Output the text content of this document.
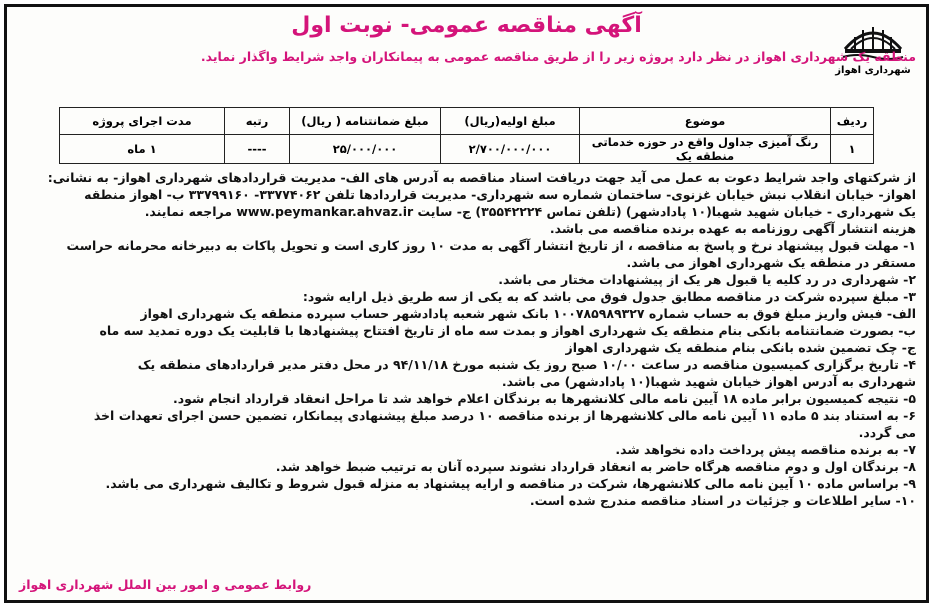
شهرداری اهواز
آگهی مناقصه عمومی- نوبت اول
منطقه یک شهرداری اهواز در نظر دارد پروژه زیر را از طریق مناقصه عمومی به پیمانکاران واجد شرایط واگذار نماید.
ردیف	موضوع	مبلغ اولیه(ریال)	مبلغ ضمانتنامه ( ریال)	رتبه	مدت اجرای پروژه
۱	رنگ آمیزی جداول واقع در حوزه خدماتی منطقه یک	۲/۷۰۰/۰۰۰/۰۰۰	۲۵/۰۰۰/۰۰۰	----	۱ ماه
از شرکتهای واجد شرایط دعوت به عمل می آید جهت دریافت اسناد مناقصه به آدرس های الف- مدیریت قراردادهای شهرداری اهواز- به نشانی:
اهواز- خیابان انقلاب نبش خیابان غزنوی- ساختمان شماره سه شهرداری- مدیریت قراردادها تلفن ۳۳۷۷۴۰۶۲- ۳۳۷۹۹۱۶۰ ب- اهواز منطقه
یک شهرداری - خیابان شهید شهبا(۱۰ پادادشهر) (تلفن تماس ۳۵۵۴۲۲۲۴) ج- سایت www.peymankar.ahvaz.ir مراجعه نمایند.
هزینه انتشار آگهی روزنامه به عهده برنده مناقصه می باشد.
۱- مهلت قبول پیشنهاد نرخ و پاسخ به مناقصه ، از تاریخ انتشار آگهی به مدت ۱۰ روز کاری است و تحویل پاکات به دبیرخانه محرمانه حراست
مستقر در منطقه یک شهرداری اهواز می باشد.
۲- شهرداری در رد کلیه یا قبول هر یک از پیشنهادات مختار می باشد.
۳- مبلغ سپرده شرکت در مناقصه مطابق جدول فوق می باشد که به یکی از سه طریق ذیل ارایه شود:
الف- فیش واریز مبلغ فوق به حساب شماره ۱۰۰۷۸۵۹۸۹۳۲۷ بانک شهر شعبه پادادشهر حساب سپرده منطقه یک شهرداری اهواز
ب- بصورت ضمانتنامه بانکی بنام منطقه یک شهرداری اهواز و بمدت سه ماه از تاریخ افتتاح پیشنهادها با قابلیت یک دوره تمدید سه ماه
ج- چک تضمین شده بانکی بنام منطقه یک شهرداری اهواز
۴- تاریخ برگزاری کمیسیون مناقصه در ساعت ۱۰/۰۰ صبح روز یک شنبه مورخ ۹۴/۱۱/۱۸ در محل دفتر مدیر قراردادهای منطقه یک
شهرداری به آدرس اهواز خیابان شهید شهبا(۱۰ پادادشهر) می باشد.
۵- نتیجه کمیسیون برابر ماده ۱۸ آیین نامه مالی کلانشهرها به برندگان اعلام خواهد شد تا مراحل انعقاد قرارداد انجام شود.
۶- به استناد بند ۵ ماده ۱۱ آیین نامه مالی کلانشهرها از برنده مناقصه ۱۰ درصد مبلغ پیشنهادی پیمانکار، تضمین حسن اجرای تعهدات اخذ
می گردد.
۷- به برنده مناقصه پیش پرداخت داده نخواهد شد.
۸- برندگان اول و دوم مناقصه هرگاه حاضر به انعقاد قرارداد نشوند سپرده آنان به ترتیب ضبط خواهد شد.
۹- براساس ماده ۱۰ آیین نامه مالی کلانشهرها، شرکت در مناقصه و ارایه پیشنهاد به منزله قبول شروط و تکالیف شهرداری می باشد.
۱۰- سایر اطلاعات و جزئیات در اسناد مناقصه مندرج شده است.
روابط عمومی و امور بین الملل شهرداری اهواز
